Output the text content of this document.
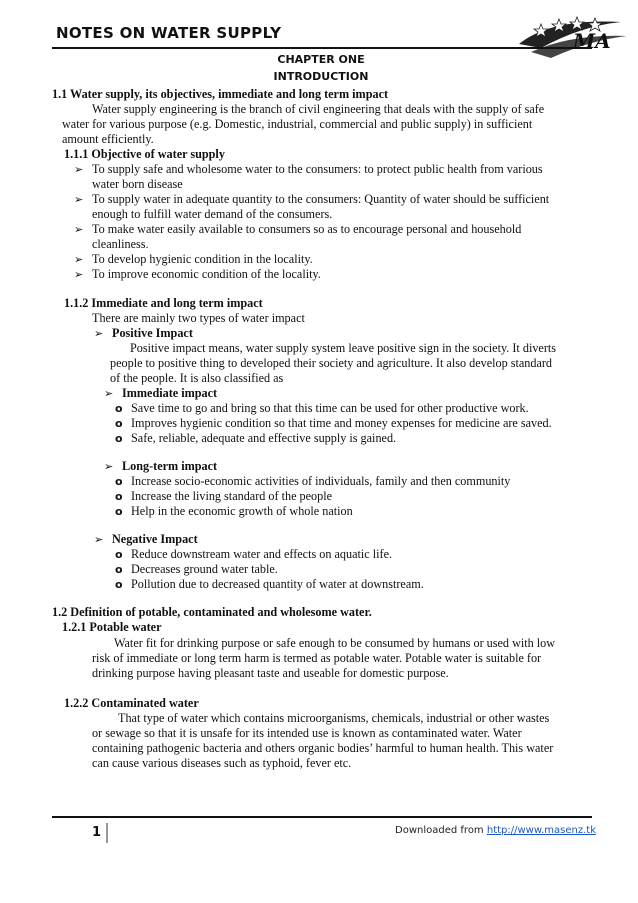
NOTES ON WATER SUPPLY	MA
CHAPTER ONE
INTRODUCTION
1.1 Water supply, its objectives, immediate and long term impact
Water supply engineering is the branch of civil engineering that deals with the supply of safe
water for various purpose (e.g. Domestic, industrial, commercial and public supply) in sufficient
amount efficiently.
1.1.1 Objective of water supply
➢ To supply safe and wholesome water to the consumers: to protect public health from various
water born disease
➢ To supply water in adequate quantity to the consumers: Quantity of water should be sufficient
enough to fulfill water demand of the consumers.
➢ To make water easily available to consumers so as to encourage personal and household
cleanliness.
➢ To develop hygienic condition in the locality.
➢ To improve economic condition of the locality.
1.1.2 Immediate and long term impact
There are mainly two types of water impact
➢ Positive Impact
Positive impact means, water supply system leave positive sign in the society. It diverts
people to positive thing to developed their society and agriculture. It also develop standard
of the people. It is also classified as
➢ Immediate impact
o Save time to go and bring so that this time can be used for other productive work.
o Improves hygienic condition so that time and money expenses for medicine are saved.
o Safe, reliable, adequate and effective supply is gained.
➢ Long-term impact
o Increase socio-economic activities of individuals, family and then community
o Increase the living standard of the people
o Help in the economic growth of whole nation
➢ Negative Impact
o Reduce downstream water and effects on aquatic life.
o Decreases ground water table.
o Pollution due to decreased quantity of water at downstream.
1.2 Definition of potable, contaminated and wholesome water.
1.2.1 Potable water
Water fit for drinking purpose or safe enough to be consumed by humans or used with low
risk of immediate or long term harm is termed as potable water. Potable water is suitable for
drinking purpose having pleasant taste and useable for domestic purpose.
1.2.2 Contaminated water
That type of water which contains microorganisms, chemicals, industrial or other wastes
or sewage so that it is unsafe for its intended use is known as contaminated water. Water
containing pathogenic bacteria and others organic bodies’ harmful to human health. This water
can cause various diseases such as typhoid, fever etc.
1	Downloaded from http://www.masenz.tk
